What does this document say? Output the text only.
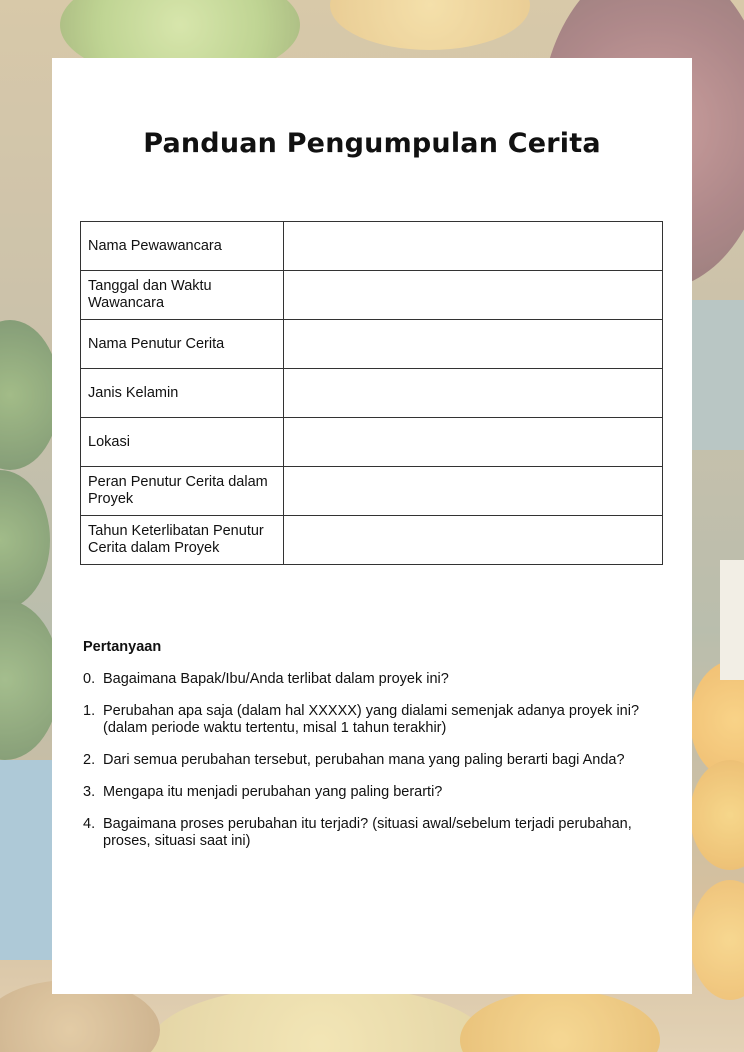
Panduan Pengumpulan Cerita
Nama Pewawancara	
Tanggal dan Waktu Wawancara	
Nama Penutur Cerita	
Janis Kelamin	
Lokasi	
Peran Penutur Cerita dalam Proyek	
Tahun Keterlibatan Penutur Cerita dalam Proyek	

Pertanyaan

0. Bagaimana Bapak/Ibu/Anda terlibat dalam proyek ini?
1. Perubahan apa saja (dalam hal XXXXX) yang dialami semenjak adanya proyek ini? (dalam periode waktu tertentu, misal 1 tahun terakhir)
2. Dari semua perubahan tersebut, perubahan mana yang paling berarti bagi Anda?
3. Mengapa itu menjadi perubahan yang paling berarti?
4. Bagaimana proses perubahan itu terjadi? (situasi awal/sebelum terjadi perubahan, proses, situasi saat ini)
